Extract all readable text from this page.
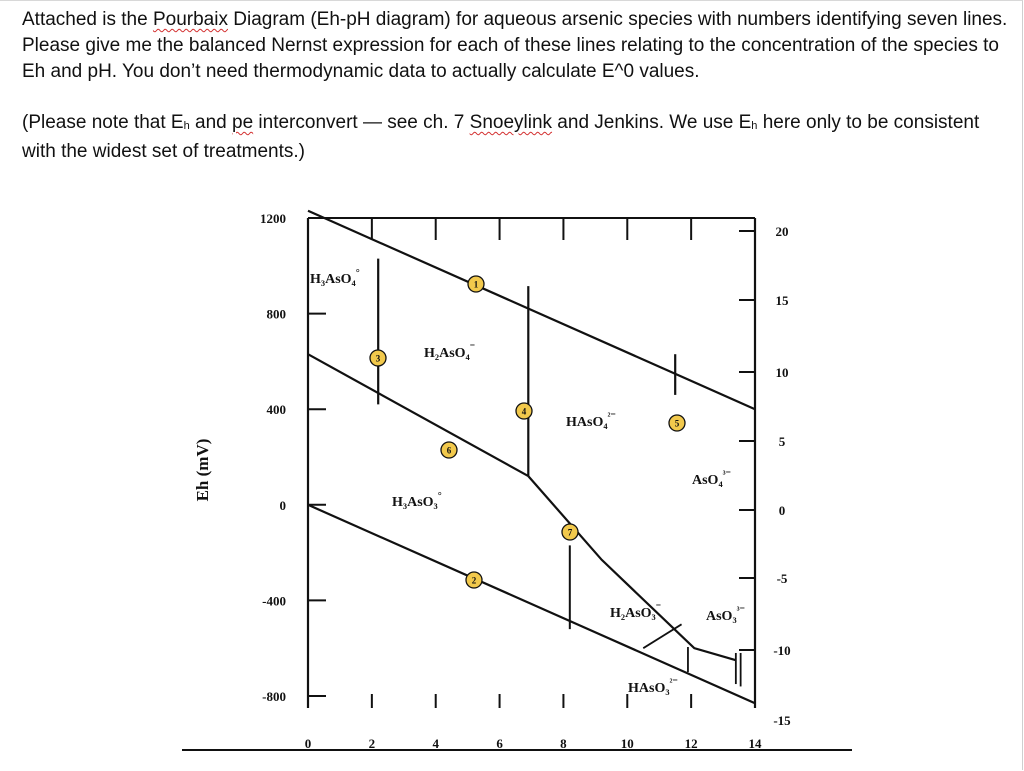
Attached is the Pourbaix Diagram (Eh-pH diagram) for aqueous arsenic species with numbers identifying seven lines. Please give me the balanced Nernst expression for each of these lines relating to the concentration of the species to Eh and pH. You don’t need thermodynamic data to actually calculate E^0 values.

(Please note that Eh and pe interconvert — see ch. 7 Snoeylink and Jenkins. We use Eh here only to be consistent with the widest set of treatments.)

1200
800
400
0
-400
-800
20
15
10
5
0
-5
-10
-15
0	2	4	6	8	10	12	14
Eh (mV)
H₃AsO₄°
H₂AsO₄⁻
HAsO₄$^{^{2-}}$
AsO₄$^{^{3-}}$
H₃AsO₃°
H₂AsO₃⁻
AsO₃$^{^{3-}}$
HAsO₃$^{^{2-}}$
1
2
3
4
5
6
7
